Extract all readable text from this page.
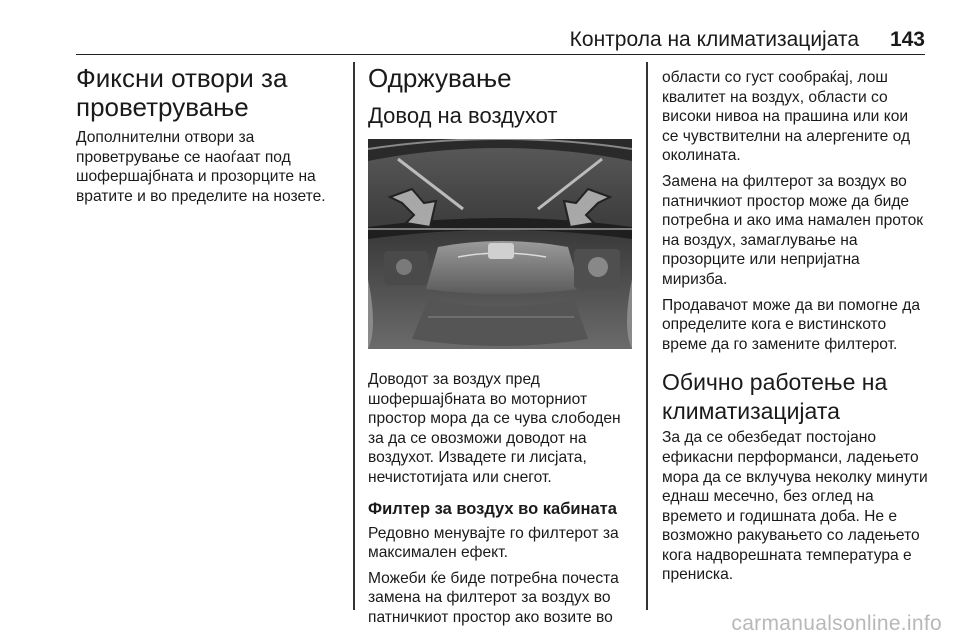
Контрола на климатизацијата 143
Фиксни отвори за проветрување

Дополнителни отвори за проветрување се наоѓаат под шофершајбната и прозорците на вратите и во пределите на нозете.

Одржување
Довод на воздухот

Доводот за воздух пред шофершајбната во моторниот простор мора да се чува слободен за да се овозможи доводот на воздухот. Извадете ги лисјата, нечистотијата или снегот.

Филтер за воздух во кабината

Редовно менувајте го филтерот за максимален ефект.

Можеби ќе биде потребна почеста замена на филтерот за воздух во патничкиот простор ако возите во

области со густ сообраќај, лош квалитет на воздух, области со високи нивоа на прашина или кои се чувствителни на алергените од околината.

Замена на филтерот за воздух во патничкиот простор може да биде потребна и ако има намален проток на воздух, замаглување на прозорците или непријатна миризба.

Продавачот може да ви помогне да определите кога е вистинското време да го замените филтерот.

Обично работење на климатизацијата

За да се обезбедат постојано ефикасни перформанси, ладењето мора да се вклучува неколку минути еднаш месечно, без оглед на времето и годишната доба. Не е возможно ракувањето со ладењето кога надворешната температура е прениска.

carmanualsonline.info
